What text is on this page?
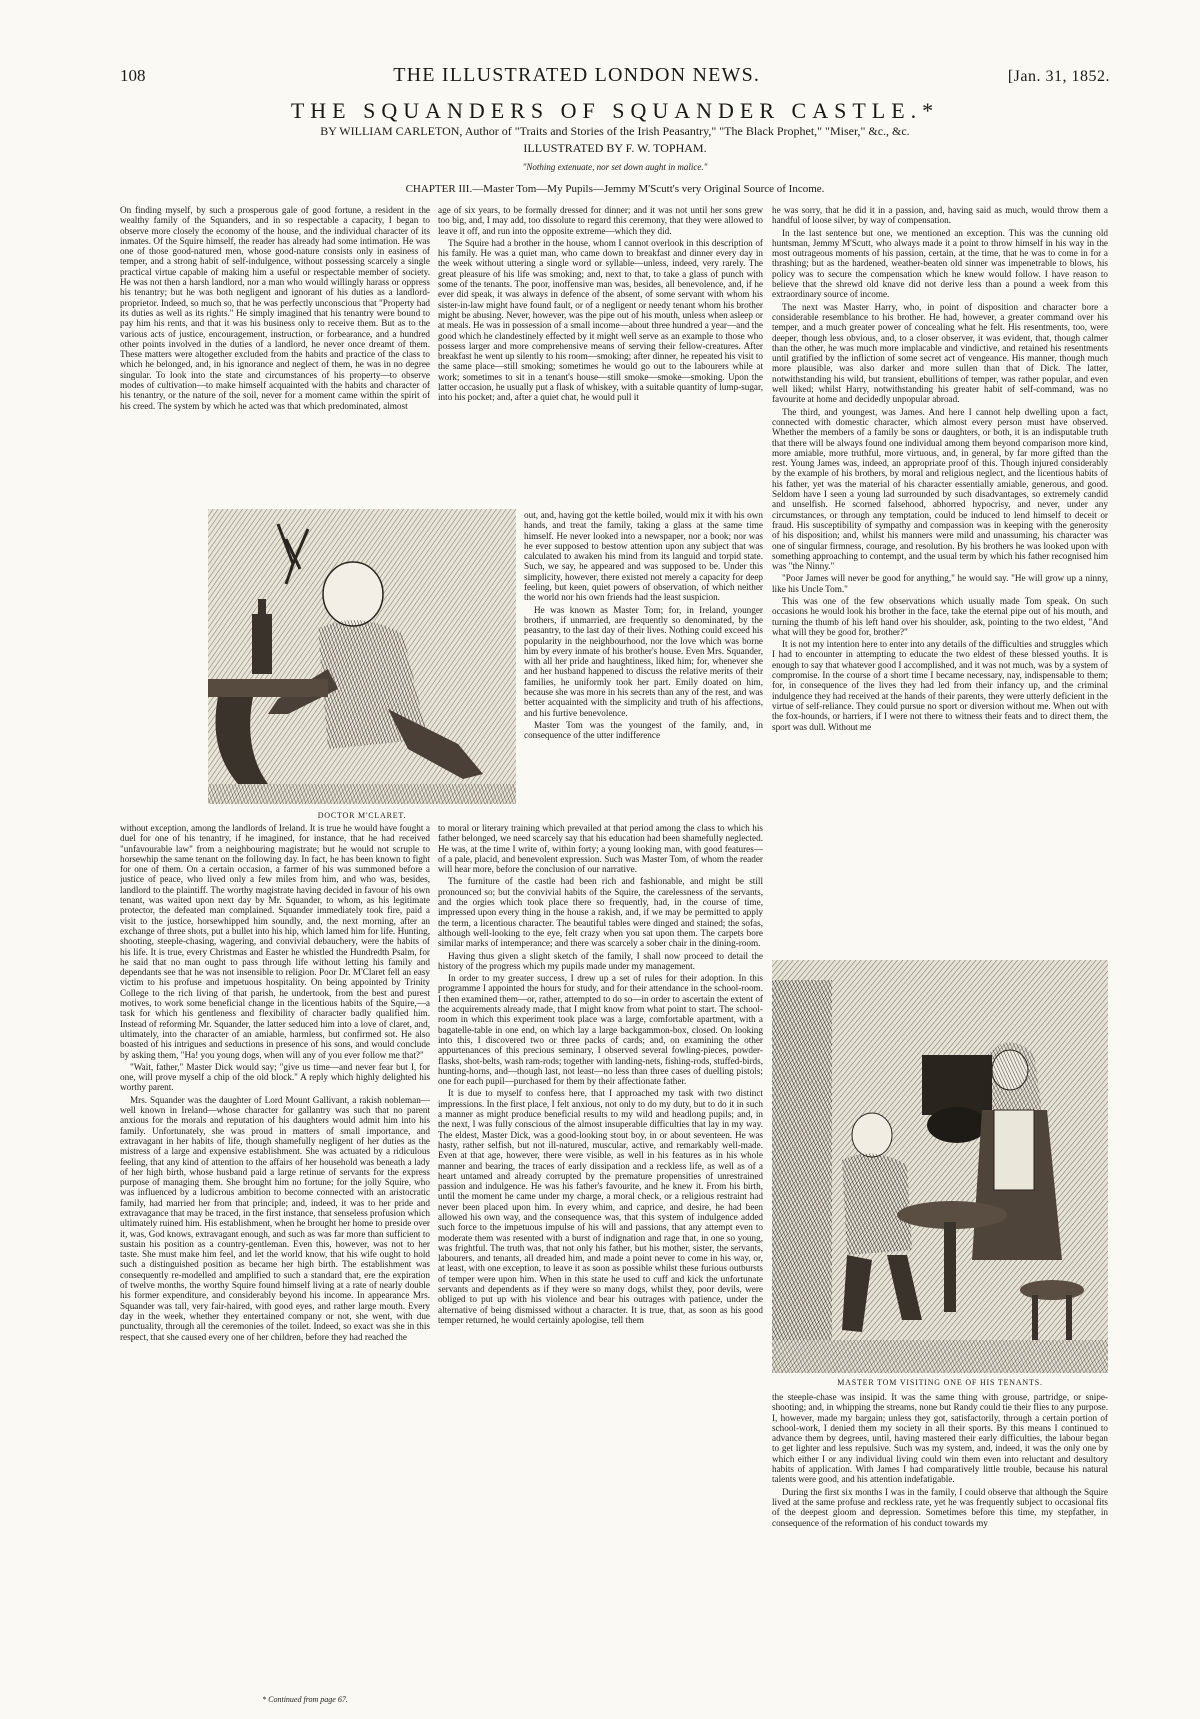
108	THE ILLUSTRATED LONDON NEWS.	[Jan. 31, 1852.
THE SQUANDERS OF SQUANDER CASTLE.*
BY WILLIAM CARLETON, Author of "Traits and Stories of the Irish Peasantry," "The Black Prophet," "Miser," &c., &c.
ILLUSTRATED BY F. W. TOPHAM.
"Nothing extenuate, nor set down aught in malice."
CHAPTER III.—Master Tom—My Pupils—Jemmy M'Scutt's very Original Source of Income.

On finding myself, by such a prosperous gale of good fortune, a resident in the wealthy family of the Squanders, and in so respectable a capacity, I began to observe more closely the economy of the house, and the individual character of its inmates. Of the Squire himself, the reader has already had some intimation. He was one of those good-natured men, whose good-nature consists only in easiness of temper, and a strong habit of self-indulgence, without possessing scarcely a single practical virtue capable of making him a useful or respectable member of society. He was not then a harsh landlord, nor a man who would willingly harass or oppress his tenantry; but he was both negligent and ignorant of his duties as a landlord-proprietor. Indeed, so much so, that he was perfectly unconscious that "Property had its duties as well as its rights." He simply imagined that his tenantry were bound to pay him his rents, and that it was his business only to receive them. But as to the various acts of justice, encouragement, instruction, or forbearance, and a hundred other points involved in the duties of a landlord, he never once dreamt of them. These matters were altogether excluded from the habits and practice of the class to which he belonged, and, in his ignorance and neglect of them, he was in no degree singular. To look into the state and circumstances of his property—to observe modes of cultivation—to make himself acquainted with the habits and character of his tenantry, or the nature of the soil, never for a moment came within the spirit of his creed. The system by which he acted was that which predominated, almost

DOCTOR M'CLARET.

age of six years, to be formally dressed for dinner; and it was not until her sons grew too big, and, I may add, too dissolute to regard this ceremony, that they were allowed to leave it off, and run into the opposite extreme—which they did.

The Squire had a brother in the house, whom I cannot overlook in this description of his family. He was a quiet man, who came down to breakfast and dinner every day in the week without uttering a single word or syllable—unless, indeed, very rarely. The great pleasure of his life was smoking; and, next to that, to take a glass of punch with some of the tenants. The poor, inoffensive man was, besides, all benevolence, and, if he ever did speak, it was always in defence of the absent, of some servant with whom his sister-in-law might have found fault, or of a negligent or needy tenant whom his brother might be abusing. Never, however, was the pipe out of his mouth, unless when asleep or at meals. He was in possession of a small income—about three hundred a year—and the good which he clandestinely effected by it might well serve as an example to those who possess larger and more comprehensive means of serving their fellow-creatures. After breakfast he went up silently to his room—smoking; after dinner, he repeated his visit to the same place—still smoking; sometimes he would go out to the labourers while at work; sometimes to sit in a tenant's house—still smoke—smoke—smoking. Upon the latter occasion, he usually put a flask of whiskey, with a suitable quantity of lump-sugar, into his pocket; and, after a quiet chat, he would pull it

out, and, having got the kettle boiled, would mix it with his own hands, and treat the family, taking a glass at the same time himself. He never looked into a newspaper, nor a book; nor was he ever supposed to bestow attention upon any subject that was calculated to awaken his mind from its languid and torpid state. Such, we say, he appeared and was supposed to be. Under this simplicity, however, there existed not merely a capacity for deep feeling, but keen, quiet powers of observation, of which neither the world nor his own friends had the least suspicion.

He was known as Master Tom; for, in Ireland, younger brothers, if unmarried, are frequently so denominated, by the peasantry, to the last day of their lives. Nothing could exceed his popularity in the neighbourhood, nor the love which was borne him by every inmate of his brother's house. Even Mrs. Squander, with all her pride and haughtiness, liked him; for, whenever she and her husband happened to discuss the relative merits of their families, he uniformly took her part. Emily doated on him, because she was more in his secrets than any of the rest, and was better acquainted with the simplicity and truth of his affections, and his furtive benevolence.

Master Tom was the youngest of the family, and, in consequence of the utter indifference

without exception, among the landlords of Ireland. It is true he would have fought a duel for one of his tenantry, if he imagined, for instance, that he had received "unfavourable law" from a neighbouring magistrate; but he would not scruple to horsewhip the same tenant on the following day. In fact, he has been known to fight for one of them. On a certain occasion, a farmer of his was summoned before a justice of peace, who lived only a few miles from him, and who was, besides, landlord to the plaintiff. The worthy magistrate having decided in favour of his own tenant, was waited upon next day by Mr. Squander, to whom, as his legitimate protector, the defeated man complained. Squander immediately took fire, paid a visit to the justice, horsewhipped him soundly, and, the next morning, after an exchange of three shots, put a bullet into his hip, which lamed him for life. Hunting, shooting, steeple-chasing, wagering, and convivial debauchery, were the habits of his life. It is true, every Christmas and Easter he whistled the Hundredth Psalm, for he said that no man ought to pass through life without letting his family and dependants see that he was not insensible to religion. Poor Dr. M'Claret fell an easy victim to his profuse and impetuous hospitality. On being appointed by Trinity College to the rich living of that parish, he undertook, from the best and purest motives, to work some beneficial change in the licentious habits of the Squire,—a task for which his gentleness and flexibility of character badly qualified him. Instead of reforming Mr. Squander, the latter seduced him into a love of claret, and, ultimately, into the character of an amiable, harmless, but confirmed sot. He also boasted of his intrigues and seductions in presence of his sons, and would conclude by asking them, "Ha! you young dogs, when will any of you ever follow me that?"

"Wait, father," Master Dick would say; "give us time—and never fear but I, for one, will prove myself a chip of the old block." A reply which highly delighted his worthy parent.

Mrs. Squander was the daughter of Lord Mount Gallivant, a rakish nobleman—well known in Ireland—whose character for gallantry was such that no parent anxious for the morals and reputation of his daughters would admit him into his family. Unfortunately, she was proud in matters of small importance, and extravagant in her habits of life, though shamefully negligent of her duties as the mistress of a large and expensive establishment. She was actuated by a ridiculous feeling, that any kind of attention to the affairs of her household was beneath a lady of her high birth, whose husband paid a large retinue of servants for the express purpose of managing them. She brought him no fortune; for the jolly Squire, who was influenced by a ludicrous ambition to become connected with an aristocratic family, had married her from that principle; and, indeed, it was to her pride and extravagance that may be traced, in the first instance, that senseless profusion which ultimately ruined him. His establishment, when he brought her home to preside over it, was, God knows, extravagant enough, and such as was far more than sufficient to sustain his position as a country-gentleman. Even this, however, was not to her taste. She must make him feel, and let the world know, that his wife ought to hold such a distinguished position as became her high birth. The establishment was consequently re-modelled and amplified to such a standard that, ere the expiration of twelve months, the worthy Squire found himself living at a rate of nearly double his former expenditure, and considerably beyond his income. In appearance Mrs. Squander was tall, very fair-haired, with good eyes, and rather large mouth. Every day in the week, whether they entertained company or not, she went, with due punctuality, through all the ceremonies of the toilet. Indeed, so exact was she in this respect, that she caused every one of her children, before they had reached the

to moral or literary training which prevailed at that period among the class to which his father belonged, we need scarcely say that his education had been shamefully neglected. He was, at the time I write of, within forty; a young looking man, with good features—of a pale, placid, and benevolent expression. Such was Master Tom, of whom the reader will hear more, before the conclusion of our narrative.

The furniture of the castle had been rich and fashionable, and might be still pronounced so; but the convivial habits of the Squire, the carelessness of the servants, and the orgies which took place there so frequently, had, in the course of time, impressed upon every thing in the house a rakish, and, if we may be permitted to apply the term, a licentious character. The beautiful tables were dinged and stained; the sofas, although well-looking to the eye, felt crazy when you sat upon them. The carpets bore similar marks of intemperance; and there was scarcely a sober chair in the dining-room.

Having thus given a slight sketch of the family, I shall now proceed to detail the history of the progress which my pupils made under my management.

In order to my greater success, I drew up a set of rules for their adoption. In this programme I appointed the hours for study, and for their attendance in the school-room. I then examined them—or, rather, attempted to do so—in order to ascertain the extent of the acquirements already made, that I might know from what point to start. The school-room in which this experiment took place was a large, comfortable apartment, with a bagatelle-table in one end, on which lay a large backgammon-box, closed. On looking into this, I discovered two or three packs of cards; and, on examining the other appurtenances of this precious seminary, I observed several fowling-pieces, powder-flasks, shot-belts, wash ram-rods; together with landing-nets, fishing-rods, stuffed-birds, hunting-horns, and—though last, not least—no less than three cases of duelling pistols; one for each pupil—purchased for them by their affectionate father.

It is due to myself to confess here, that I approached my task with two distinct impressions. In the first place, I felt anxious, not only to do my duty, but to do it in such a manner as might produce beneficial results to my wild and headlong pupils; and, in the next, I was fully conscious of the almost insuperable difficulties that lay in my way. The eldest, Master Dick, was a good-looking stout boy, in or about seventeen. He was hasty, rather selfish, but not ill-natured, muscular, active, and remarkably well-made. Even at that age, however, there were visible, as well in his features as in his whole manner and bearing, the traces of early dissipation and a reckless life, as well as of a heart untamed and already corrupted by the premature propensities of unrestrained passion and indulgence. He was his father's favourite, and he knew it. From his birth, until the moment he came under my charge, a moral check, or a religious restraint had never been placed upon him. In every whim, and caprice, and desire, he had been allowed his own way, and the consequence was, that this system of indulgence added such force to the impetuous impulse of his will and passions, that any attempt even to moderate them was resented with a burst of indignation and rage that, in one so young, was frightful. The truth was, that not only his father, but his mother, sister, the servants, labourers, and tenants, all dreaded him, and made a point never to come in his way, or, at least, with one exception, to leave it as soon as possible whilst these furious outbursts of temper were upon him. When in this state he used to cuff and kick the unfortunate servants and dependents as if they were so many dogs, whilst they, poor devils, were obliged to put up with his violence and bear his outrages with patience, under the alternative of being dismissed without a character. It is true, that, as soon as his good temper returned, he would certainly apologise, tell them

he was sorry, that he did it in a passion, and, having said as much, would throw them a handful of loose silver, by way of compensation.

In the last sentence but one, we mentioned an exception. This was the cunning old huntsman, Jemmy M'Scutt, who always made it a point to throw himself in his way in the most outrageous moments of his passion, certain, at the time, that he was to come in for a thrashing; but as the hardened, weather-beaten old sinner was impenetrable to blows, his policy was to secure the compensation which he knew would follow. I have reason to believe that the shrewd old knave did not derive less than a pound a week from this extraordinary source of income.

The next was Master Harry, who, in point of disposition and character bore a considerable resemblance to his brother. He had, however, a greater command over his temper, and a much greater power of concealing what he felt. His resentments, too, were deeper, though less obvious, and, to a closer observer, it was evident, that, though calmer than the other, he was much more implacable and vindictive, and retained his resentments until gratified by the infliction of some secret act of vengeance. His manner, though much more plausible, was also darker and more sullen than that of Dick. The latter, notwithstanding his wild, but transient, ebullitions of temper, was rather popular, and even well liked; whilst Harry, notwithstanding his greater habit of self-command, was no favourite at home and decidedly unpopular abroad.

The third, and youngest, was James. And here I cannot help dwelling upon a fact, connected with domestic character, which almost every person must have observed. Whether the members of a family be sons or daughters, or both, it is an indisputable truth that there will be always found one individual among them beyond comparison more kind, more amiable, more truthful, more virtuous, and, in general, by far more gifted than the rest. Young James was, indeed, an appropriate proof of this. Though injured considerably by the example of his brothers, by moral and religious neglect, and the licentious habits of his father, yet was the material of his character essentially amiable, generous, and good. Seldom have I seen a young lad surrounded by such disadvantages, so extremely candid and unselfish. He scorned falsehood, abhorred hypocrisy, and never, under any circumstances, or through any temptation, could be induced to lend himself to deceit or fraud. His susceptibility of sympathy and compassion was in keeping with the generosity of his disposition; and, whilst his manners were mild and unassuming, his character was one of singular firmness, courage, and resolution. By his brothers he was looked upon with something approaching to contempt, and the usual term by which his father recognised him was "the Ninny."

"Poor James will never be good for anything," he would say. "He will grow up a ninny, like his Uncle Tom."

This was one of the few observations which usually made Tom speak. On such occasions he would look his brother in the face, take the eternal pipe out of his mouth, and turning the thumb of his left hand over his shoulder, ask, pointing to the two eldest, "And what will they be good for, brother?"

It is not my intention here to enter into any details of the difficulties and struggles which I had to encounter in attempting to educate the two eldest of these blessed youths. It is enough to say that whatever good I accomplished, and it was not much, was by a system of compromise. In the course of a short time I became necessary, nay, indispensable to them; for, in consequence of the lives they had led from their infancy up, and the criminal indulgence they had received at the hands of their parents, they were utterly deficient in the virtue of self-reliance. They could pursue no sport or diversion without me. When out with the fox-hounds, or harriers, if I were not there to witness their feats and to direct them, the sport was dull. Without me

MASTER TOM VISITING ONE OF HIS TENANTS.

the steeple-chase was insipid. It was the same thing with grouse, partridge, or snipe-shooting; and, in whipping the streams, none but Randy could tie their flies to any purpose. I, however, made my bargain; unless they got, satisfactorily, through a certain portion of school-work, I denied them my society in all their sports. By this means I continued to advance them by degrees, until, having mastered their early difficulties, the labour began to get lighter and less repulsive. Such was my system, and, indeed, it was the only one by which either I or any individual living could win them even into reluctant and desultory habits of application. With James I had comparatively little trouble, because his natural talents were good, and his attention indefatigable.

During the first six months I was in the family, I could observe that although the Squire lived at the same profuse and reckless rate, yet he was frequently subject to occasional fits of the deepest gloom and depression. Sometimes before this time, my stepfather, in consequence of the reformation of his conduct towards my

* Continued from page 67.
